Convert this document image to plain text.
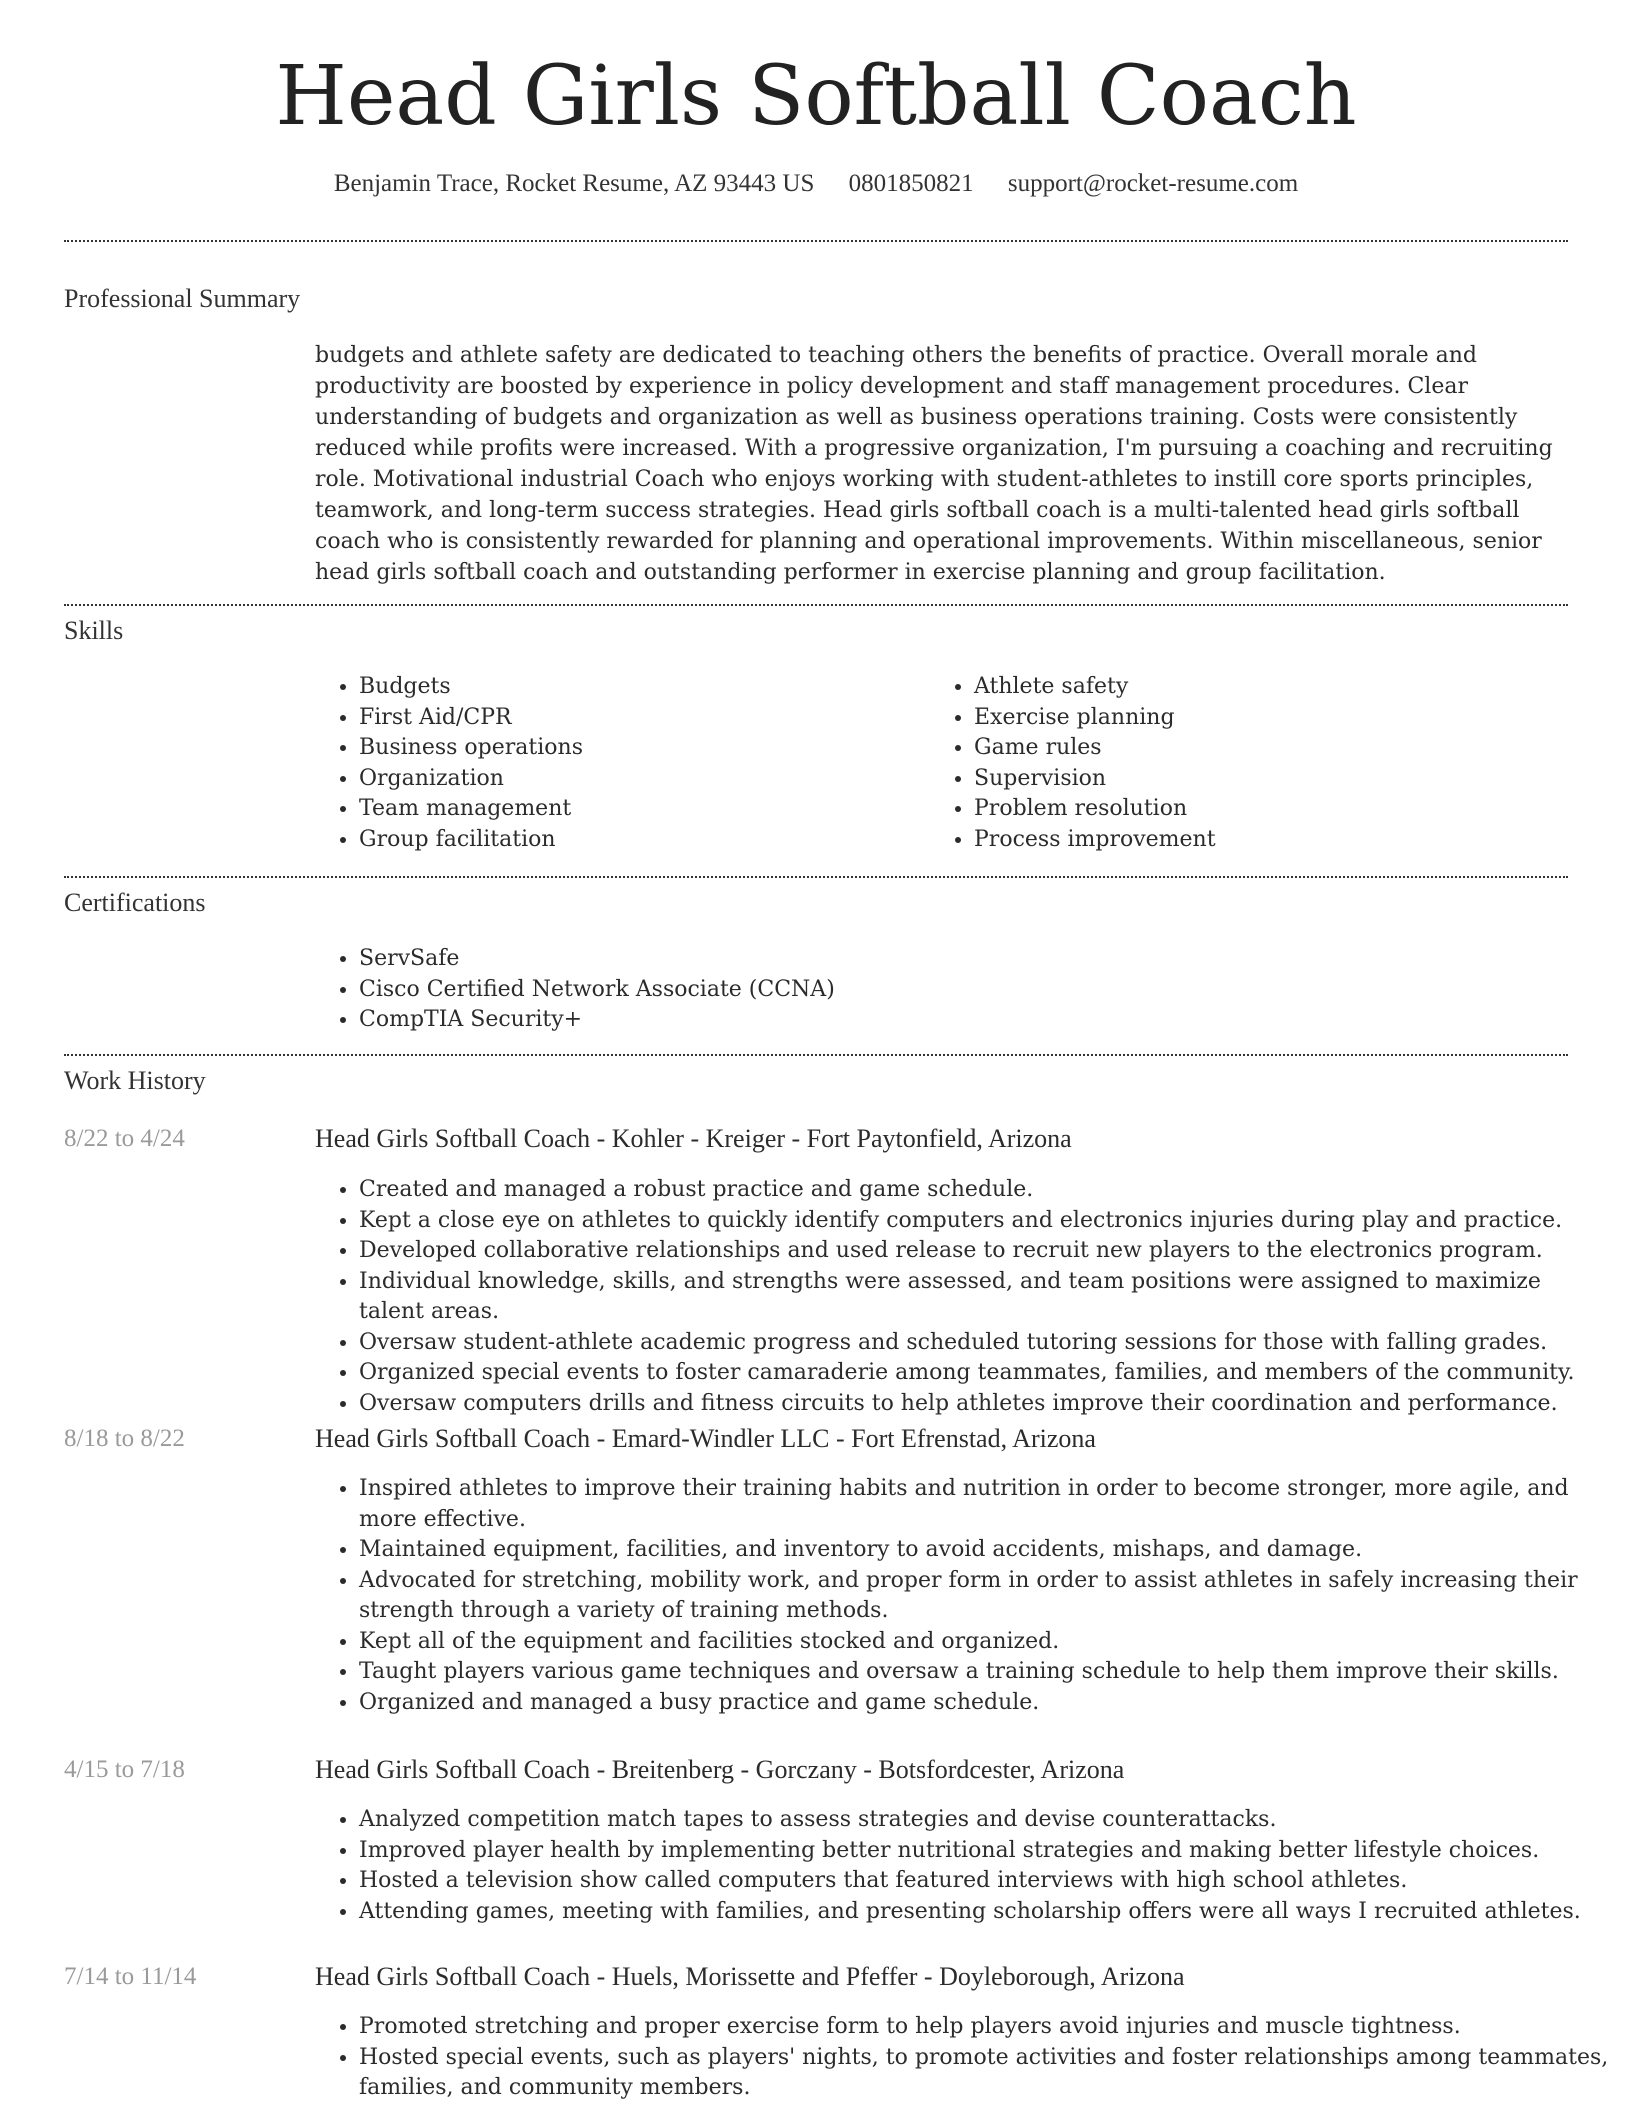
Head Girls Softball Coach
Benjamin Trace, Rocket Resume, AZ 93443 US 0801850821 support@rocket-resume.com
Professional Summary

budgets and athlete safety are dedicated to teaching others the benefits of practice. Overall morale and productivity are boosted by experience in policy development and staff management procedures. Clear understanding of budgets and organization as well as business operations training. Costs were consistently reduced while profits were increased. With a progressive organization, I'm pursuing a coaching and recruiting role. Motivational industrial Coach who enjoys working with student-athletes to instill core sports principles, teamwork, and long-term success strategies. Head girls softball coach is a multi-talented head girls softball coach who is consistently rewarded for planning and operational improvements. Within miscellaneous, senior head girls softball coach and outstanding performer in exercise planning and group facilitation.

Skills
• Budgets
• First Aid/CPR
• Business operations
• Organization
• Team management
• Group facilitation
• Athlete safety
• Exercise planning
• Game rules
• Supervision
• Problem resolution
• Process improvement
Certifications
• ServSafe
• Cisco Certified Network Associate (CCNA)
• CompTIA Security+
Work History
8/22 to 4/24	Head Girls Softball Coach - Kohler - Kreiger - Fort Paytonfield, Arizona
• Created and managed a robust practice and game schedule.
• Kept a close eye on athletes to quickly identify computers and electronics injuries during play and practice.
• Developed collaborative relationships and used release to recruit new players to the electronics program.
• Individual knowledge, skills, and strengths were assessed, and team positions were assigned to maximize talent areas.
• Oversaw student-athlete academic progress and scheduled tutoring sessions for those with falling grades.
• Organized special events to foster camaraderie among teammates, families, and members of the community.
• Oversaw computers drills and fitness circuits to help athletes improve their coordination and performance.
8/18 to 8/22	Head Girls Softball Coach - Emard-Windler LLC - Fort Efrenstad, Arizona
• Inspired athletes to improve their training habits and nutrition in order to become stronger, more agile, and more effective.
• Maintained equipment, facilities, and inventory to avoid accidents, mishaps, and damage.
• Advocated for stretching, mobility work, and proper form in order to assist athletes in safely increasing their strength through a variety of training methods.
• Kept all of the equipment and facilities stocked and organized.
• Taught players various game techniques and oversaw a training schedule to help them improve their skills.
• Organized and managed a busy practice and game schedule.
4/15 to 7/18	Head Girls Softball Coach - Breitenberg - Gorczany - Botsfordcester, Arizona
• Analyzed competition match tapes to assess strategies and devise counterattacks.
• Improved player health by implementing better nutritional strategies and making better lifestyle choices.
• Hosted a television show called computers that featured interviews with high school athletes.
• Attending games, meeting with families, and presenting scholarship offers were all ways I recruited athletes.
7/14 to 11/14	Head Girls Softball Coach - Huels, Morissette and Pfeffer - Doyleborough, Arizona
• Promoted stretching and proper exercise form to help players avoid injuries and muscle tightness.
• Hosted special events, such as players' nights, to promote activities and foster relationships among teammates, families, and community members.
